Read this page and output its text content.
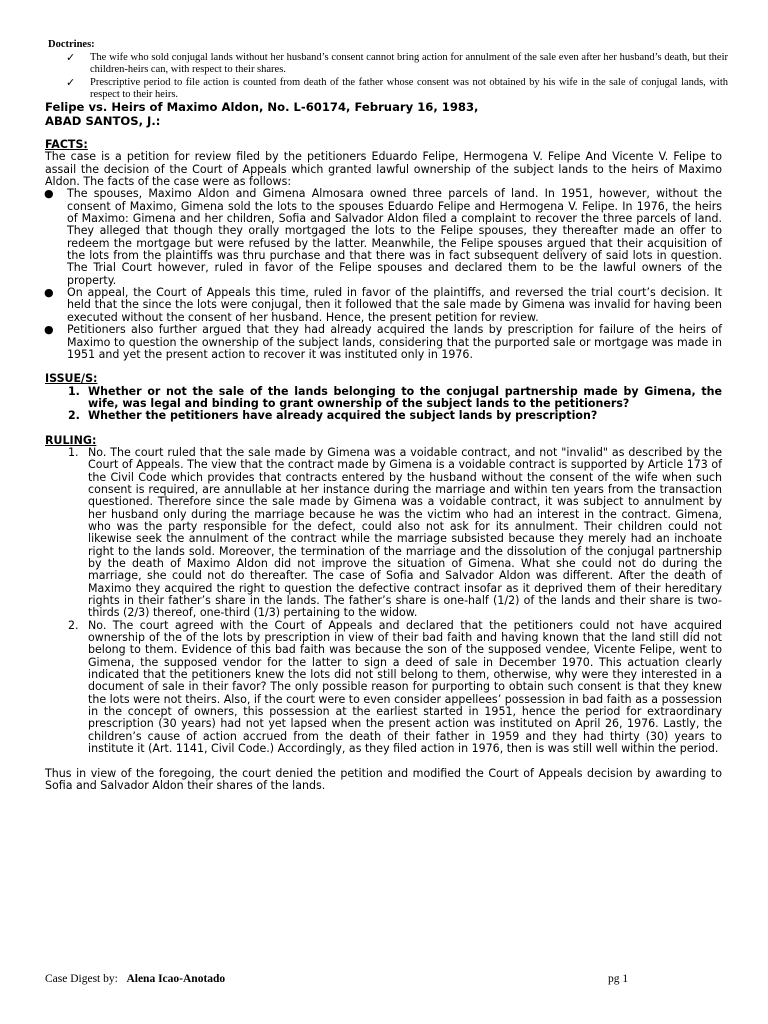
Doctrines:
✓ The wife who sold conjugal lands without her husband’s consent cannot bring action for annulment of the sale even after her husband’s death, but their children-heirs can, with respect to their shares.
✓ Prescriptive period to file action is counted from death of the father whose consent was not obtained by his wife in the sale of conjugal lands, with respect to their heirs.
Felipe vs. Heirs of Maximo Aldon, No. L-60174, February 16, 1983,
ABAD SANTOS, J.:
FACTS:

The case is a petition for review filed by the petitioners Eduardo Felipe, Hermogena V. Felipe And Vicente V. Felipe to assail the decision of the Court of Appeals which granted lawful ownership of the subject lands to the heirs of Maximo Aldon. The facts of the case were as follows:

● The spouses, Maximo Aldon and Gimena Almosara owned three parcels of land. In 1951, however, without the consent of Maximo, Gimena sold the lots to the spouses Eduardo Felipe and Hermogena V. Felipe. In 1976, the heirs of Maximo: Gimena and her children, Sofia and Salvador Aldon filed a complaint to recover the three parcels of land. They alleged that though they orally mortgaged the lots to the Felipe spouses, they thereafter made an offer to redeem the mortgage but were refused by the latter. Meanwhile, the Felipe spouses argued that their acquisition of the lots from the plaintiffs was thru purchase and that there was in fact subsequent delivery of said lots in question. The Trial Court however, ruled in favor of the Felipe spouses and declared them to be the lawful owners of the property.
● On appeal, the Court of Appeals this time, ruled in favor of the plaintiffs, and reversed the trial court’s decision. It held that the since the lots were conjugal, then it followed that the sale made by Gimena was invalid for having been executed without the consent of her husband. Hence, the present petition for review.
● Petitioners also further argued that they had already acquired the lands by prescription for failure of the heirs of Maximo to question the ownership of the subject lands, considering that the purported sale or mortgage was made in 1951 and yet the present action to recover it was instituted only in 1976.
ISSUE/S:
1. Whether or not the sale of the lands belonging to the conjugal partnership made by Gimena, the wife, was legal and binding to grant ownership of the subject lands to the petitioners?
2. Whether the petitioners have already acquired the subject lands by prescription?
RULING:
1. No. The court ruled that the sale made by Gimena was a voidable contract, and not "invalid" as described by the Court of Appeals. The view that the contract made by Gimena is a voidable contract is supported by Article 173 of the Civil Code which provides that contracts entered by the husband without the consent of the wife when such consent is required, are annullable at her instance during the marriage and within ten years from the transaction questioned. Therefore since the sale made by Gimena was a voidable contract, it was subject to annulment by her husband only during the marriage because he was the victim who had an interest in the contract. Gimena, who was the party responsible for the defect, could also not ask for its annulment. Their children could not likewise seek the annulment of the contract while the marriage subsisted because they merely had an inchoate right to the lands sold. Moreover, the termination of the marriage and the dissolution of the conjugal partnership by the death of Maximo Aldon did not improve the situation of Gimena. What she could not do during the marriage, she could not do thereafter. The case of Sofia and Salvador Aldon was different. After the death of Maximo they acquired the right to question the defective contract insofar as it deprived them of their hereditary rights in their father’s share in the lands. The father’s share is one-half (1/2) of the lands and their share is two-thirds (2/3) thereof, one-third (1/3) pertaining to the widow.
2. No. The court agreed with the Court of Appeals and declared that the petitioners could not have acquired ownership of the of the lots by prescription in view of their bad faith and having known that the land still did not belong to them. Evidence of this bad faith was because the son of the supposed vendee, Vicente Felipe, went to Gimena, the supposed vendor for the latter to sign a deed of sale in December 1970. This actuation clearly indicated that the petitioners knew the lots did not still belong to them, otherwise, why were they interested in a document of sale in their favor? The only possible reason for purporting to obtain such consent is that they knew the lots were not theirs. Also, if the court were to even consider appellees’ possession in bad faith as a possession in the concept of owners, this possession at the earliest started in 1951, hence the period for extraordinary prescription (30 years) had not yet lapsed when the present action was instituted on April 26, 1976. Lastly, the children’s cause of action accrued from the death of their father in 1959 and they had thirty (30) years to institute it (Art. 1141, Civil Code.) Accordingly, as they filed action in 1976, then is was still well within the period.

Thus in view of the foregoing, the court denied the petition and modified the Court of Appeals decision by awarding to Sofia and Salvador Aldon their shares of the lands.

Case Digest by: Alena Icao-Anotado	pg 1
